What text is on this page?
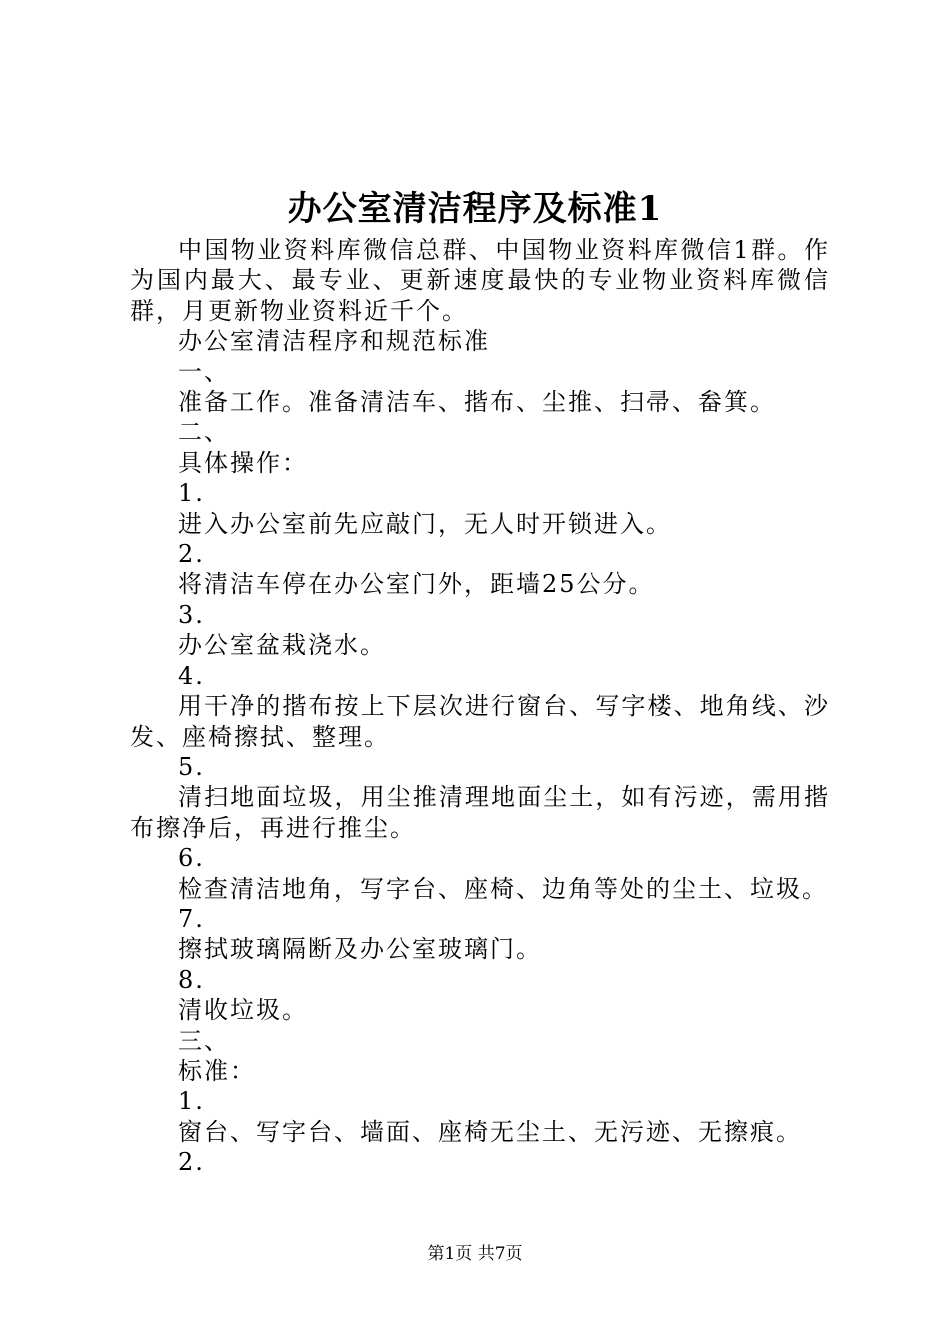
办公室清洁程序及标准1

中国物业资料库微信总群、中国物业资料库微信1群。作为国内最大、最专业、更新速度最快的专业物业资料库微信群，月更新物业资料近千个。

办公室清洁程序和规范标准

一、

准备工作。准备清洁车、揩布、尘推、扫帚、畚箕。

二、

具体操作：

1.

进入办公室前先应敲门，无人时开锁进入。

2.

将清洁车停在办公室门外，距墙25公分。

3.

办公室盆栽浇水。

4.

用干净的揩布按上下层次进行窗台、写字楼、地角线、沙发、座椅擦拭、整理。

5.

清扫地面垃圾，用尘推清理地面尘土，如有污迹，需用揩布擦净后，再进行推尘。

6.

检查清洁地角，写字台、座椅、边角等处的尘土、垃圾。

7.

擦拭玻璃隔断及办公室玻璃门。

8.

清收垃圾。

三、

标准：

1.

窗台、写字台、墙面、座椅无尘土、无污迹、无擦痕。

2.

第1页 共7页
